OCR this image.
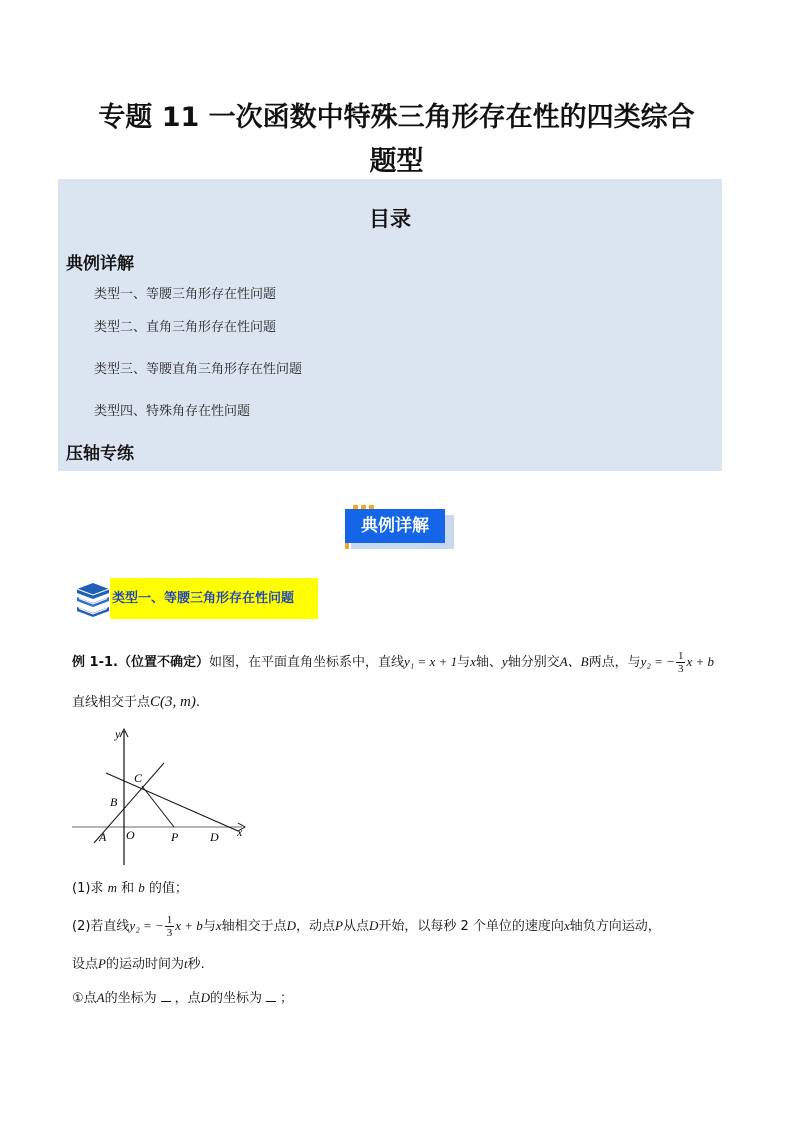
专题 11 一次函数中特殊三角形存在性的四类综合
题型
目录
典例详解
类型一、等腰三角形存在性问题
类型二、直角三角形存在性问题
类型三、等腰直角三角形存在性问题
类型四、特殊角存在性问题
压轴专练
典例详解
类型一、等腰三角形存在性问题
例 1-1.（位置不确定）如图，在平面直角坐标系中，直线y₁ = x + 1与x轴、y轴分别交A、B两点，与y₂ = − $\frac{1}{3}$ x + b
直线相交于点C(3, m).
y
x
C
B
A O	P	D
(1)求 m 和 b 的值；
(2)若直线y₂ = − $\frac{1}{3}$ x + b与x轴相交于点D，动点P从点D开始，以每秒 2 个单位的速度向x轴负方向运动，
设点P的运动时间为t秒.
①点A的坐标为 ，点D的坐标为 ；
